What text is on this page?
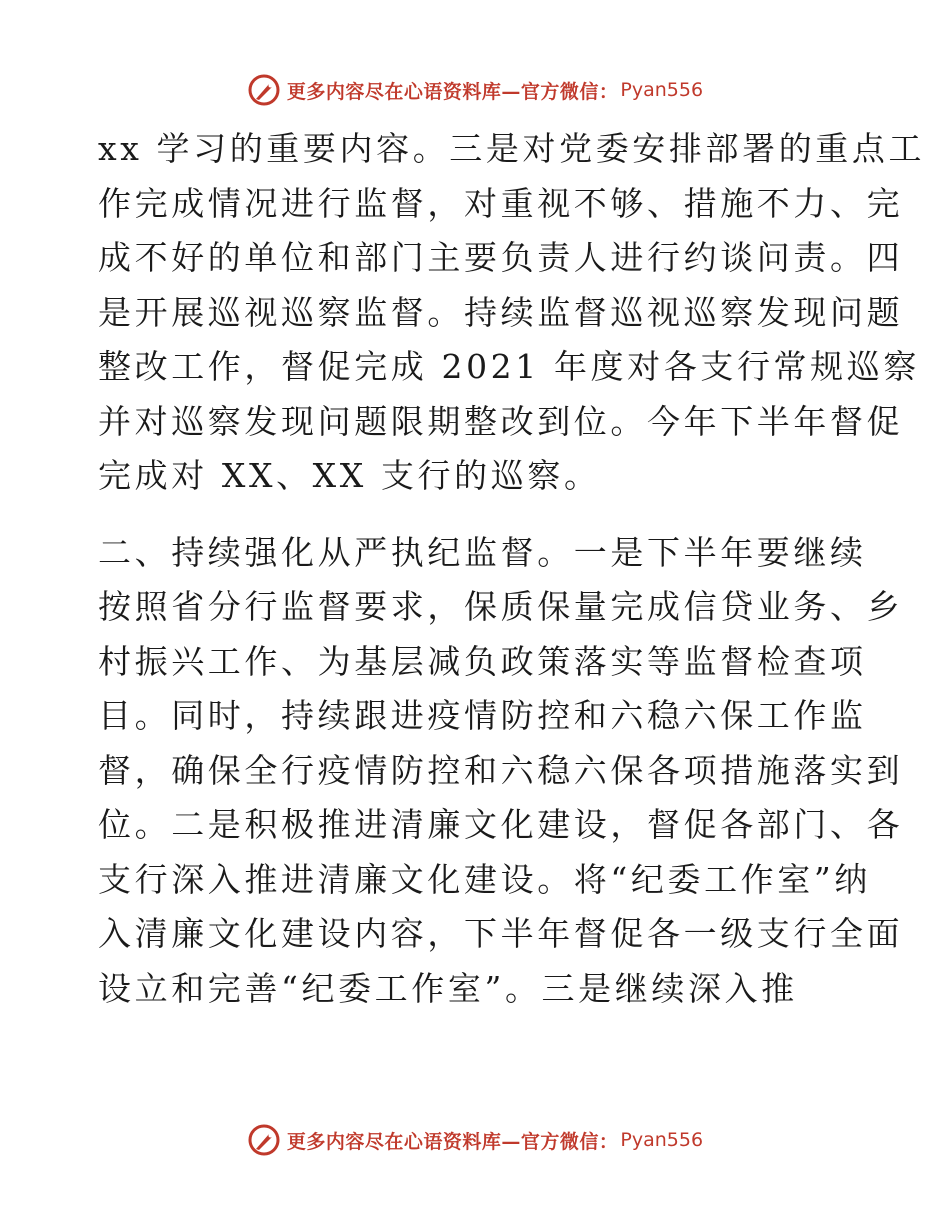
更多内容尽在心语资料库—官方微信： Pyan556
xx 学习的重要内容。三是对党委安排部署的重点工
作完成情况进行监督，对重视不够、措施不力、完
成不好的单位和部门主要负责人进行约谈问责。四
是开展巡视巡察监督。持续监督巡视巡察发现问题
整改工作，督促完成 2021 年度对各支行常规巡察
并对巡察发现问题限期整改到位。今年下半年督促
完成对 XX、XX 支行的巡察。
二、持续强化从严执纪监督。一是下半年要继续
按照省分行监督要求，保质保量完成信贷业务、乡
村振兴工作、为基层减负政策落实等监督检查项
目。同时，持续跟进疫情防控和六稳六保工作监
督，确保全行疫情防控和六稳六保各项措施落实到
位。二是积极推进清廉文化建设，督促各部门、各
支行深入推进清廉文化建设。将“纪委工作室”纳
入清廉文化建设内容，下半年督促各一级支行全面
设立和完善“纪委工作室”。三是继续深入推
更多内容尽在心语资料库—官方微信： Pyan556
